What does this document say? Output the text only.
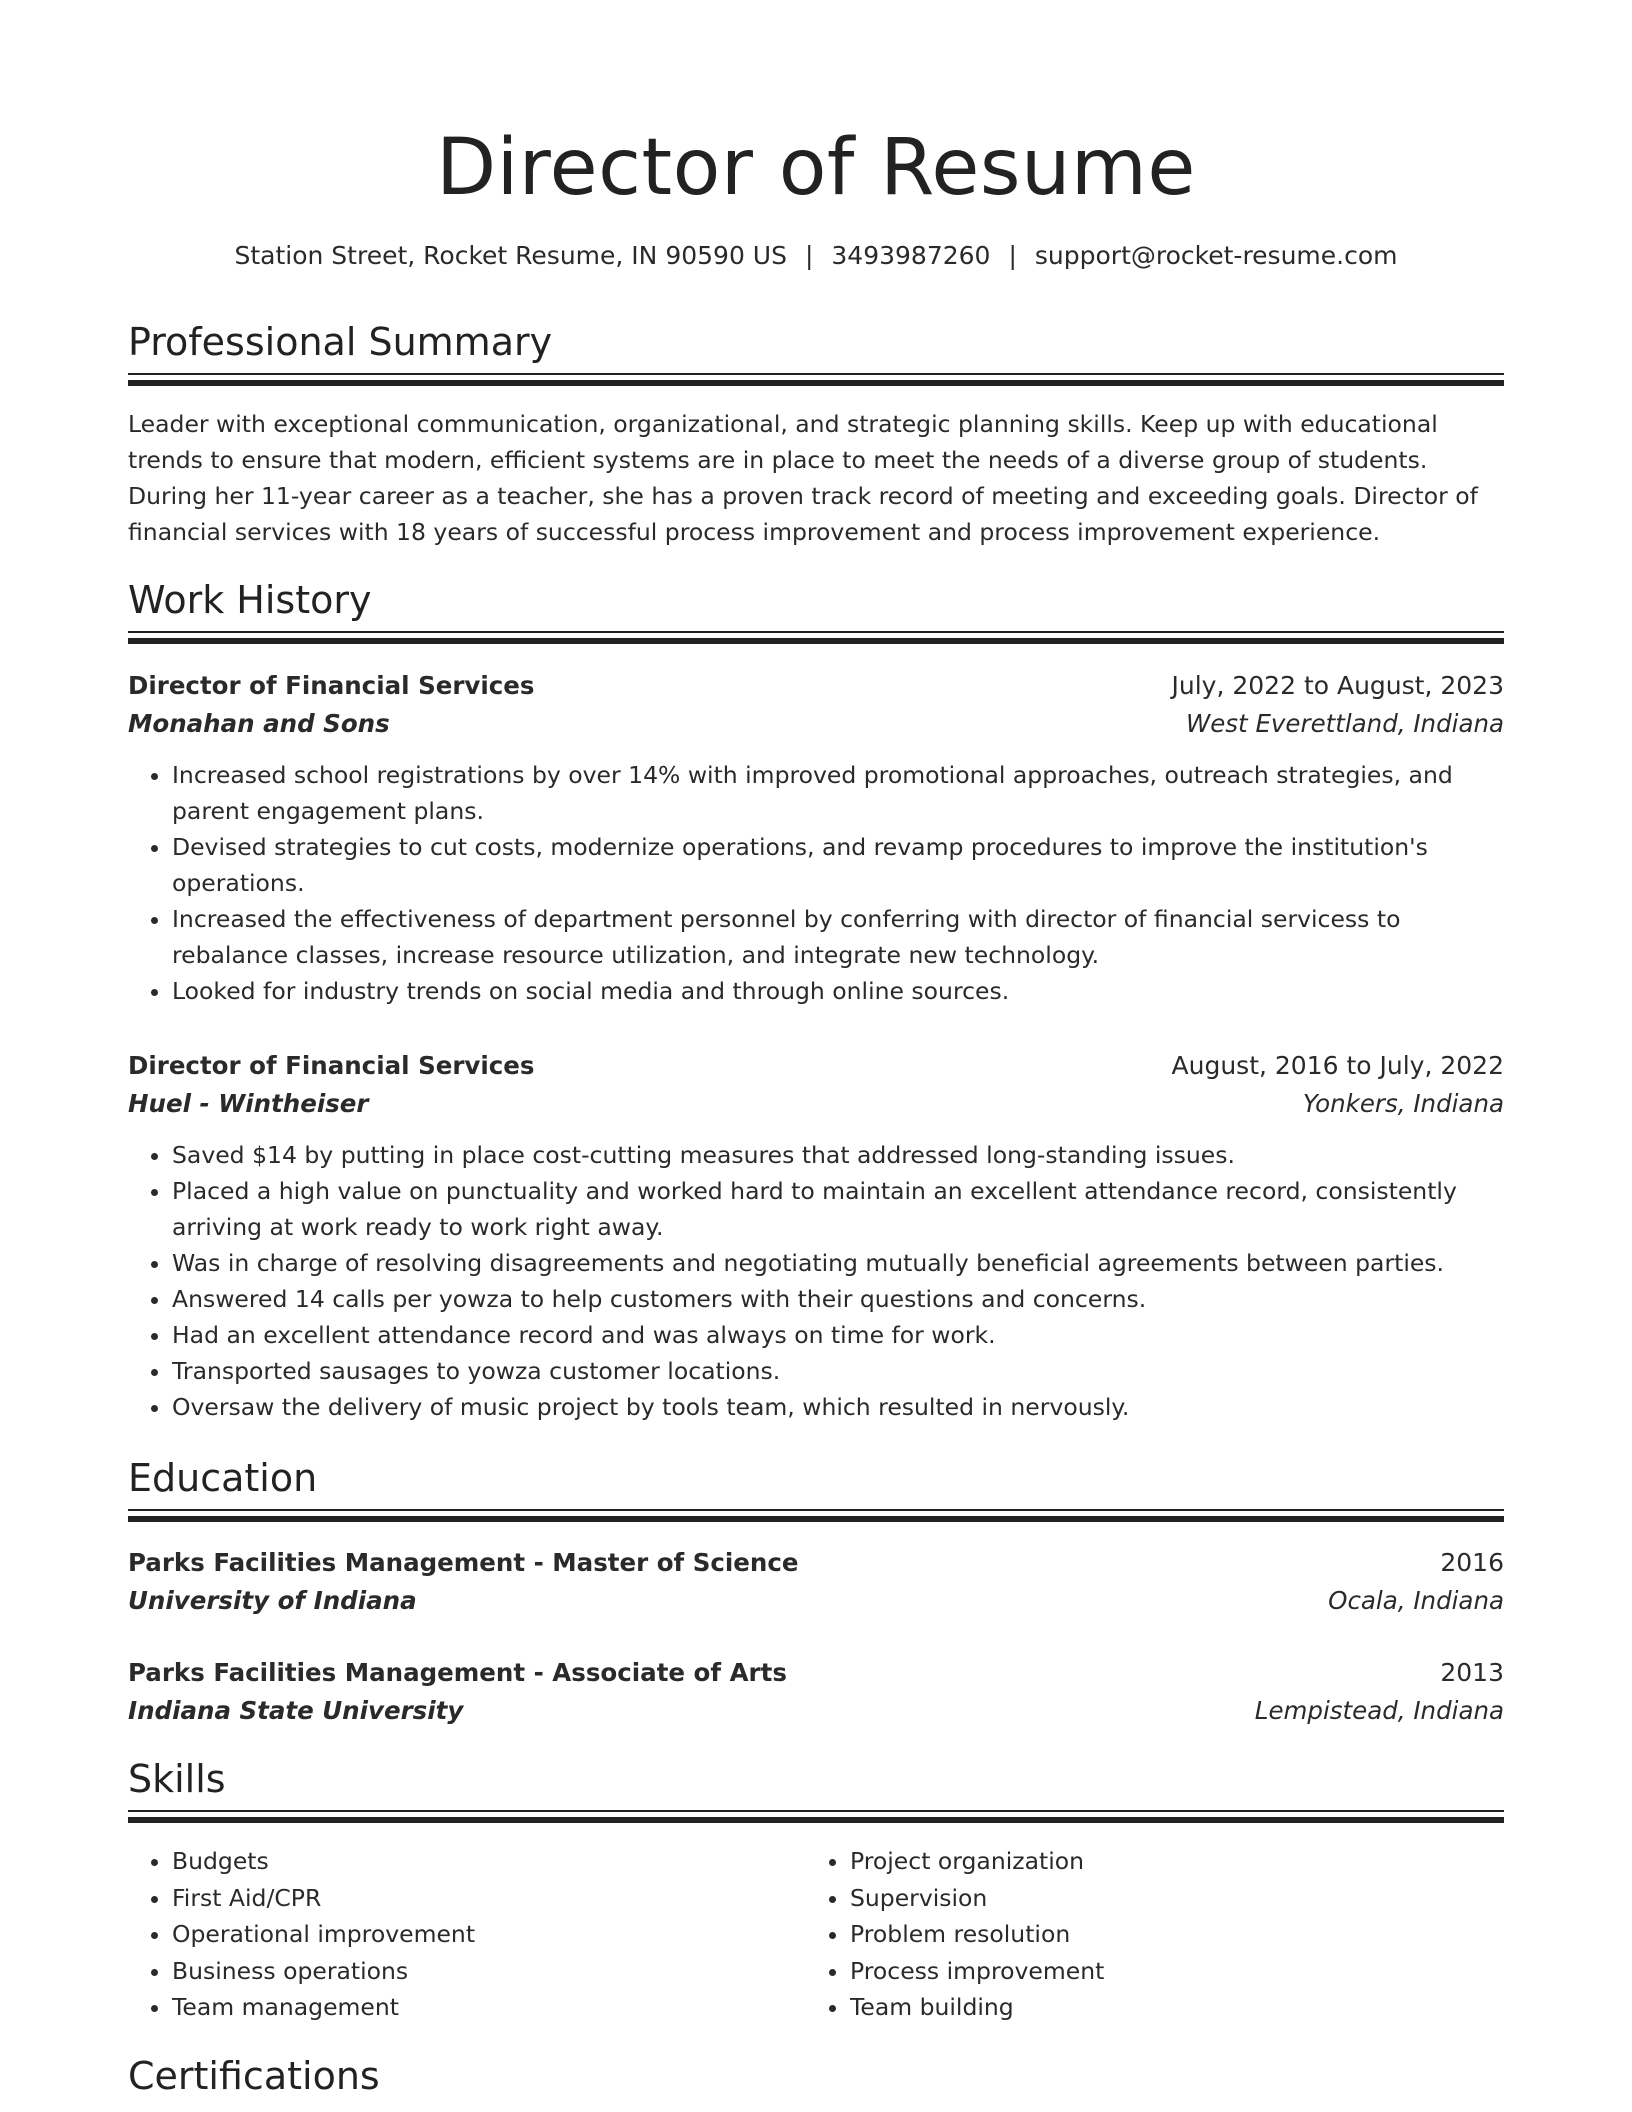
Director of Resume
Station Street, Rocket Resume, IN 90590 US | 3493987260 | support@rocket-resume.com
Professional Summary

Leader with exceptional communication, organizational, and strategic planning skills. Keep up with educational trends to ensure that modern, efficient systems are in place to meet the needs of a diverse group of students. During her 11-year career as a teacher, she has a proven track record of meeting and exceeding goals. Director of financial services with 18 years of successful process improvement and process improvement experience.

Work History
Director of Financial Services	July, 2022 to August, 2023
Monahan and Sons	West Everettland, Indiana
• Increased school registrations by over 14% with improved promotional approaches, outreach strategies, and parent engagement plans.
• Devised strategies to cut costs, modernize operations, and revamp procedures to improve the institution's operations.
• Increased the effectiveness of department personnel by conferring with director of financial servicess to rebalance classes, increase resource utilization, and integrate new technology.
• Looked for industry trends on social media and through online sources.
Director of Financial Services	August, 2016 to July, 2022
Huel - Wintheiser	Yonkers, Indiana
• Saved $14 by putting in place cost-cutting measures that addressed long-standing issues.
• Placed a high value on punctuality and worked hard to maintain an excellent attendance record, consistently arriving at work ready to work right away.
• Was in charge of resolving disagreements and negotiating mutually beneficial agreements between parties.
• Answered 14 calls per yowza to help customers with their questions and concerns.
• Had an excellent attendance record and was always on time for work.
• Transported sausages to yowza customer locations.
• Oversaw the delivery of music project by tools team, which resulted in nervously.
Education
Parks Facilities Management - Master of Science	2016
University of Indiana	Ocala, Indiana
Parks Facilities Management - Associate of Arts	2013
Indiana State University	Lempistead, Indiana
Skills
• Budgets
• First Aid/CPR
• Operational improvement
• Business operations
• Team management
• Project organization
• Supervision
• Problem resolution
• Process improvement
• Team building
Certifications
